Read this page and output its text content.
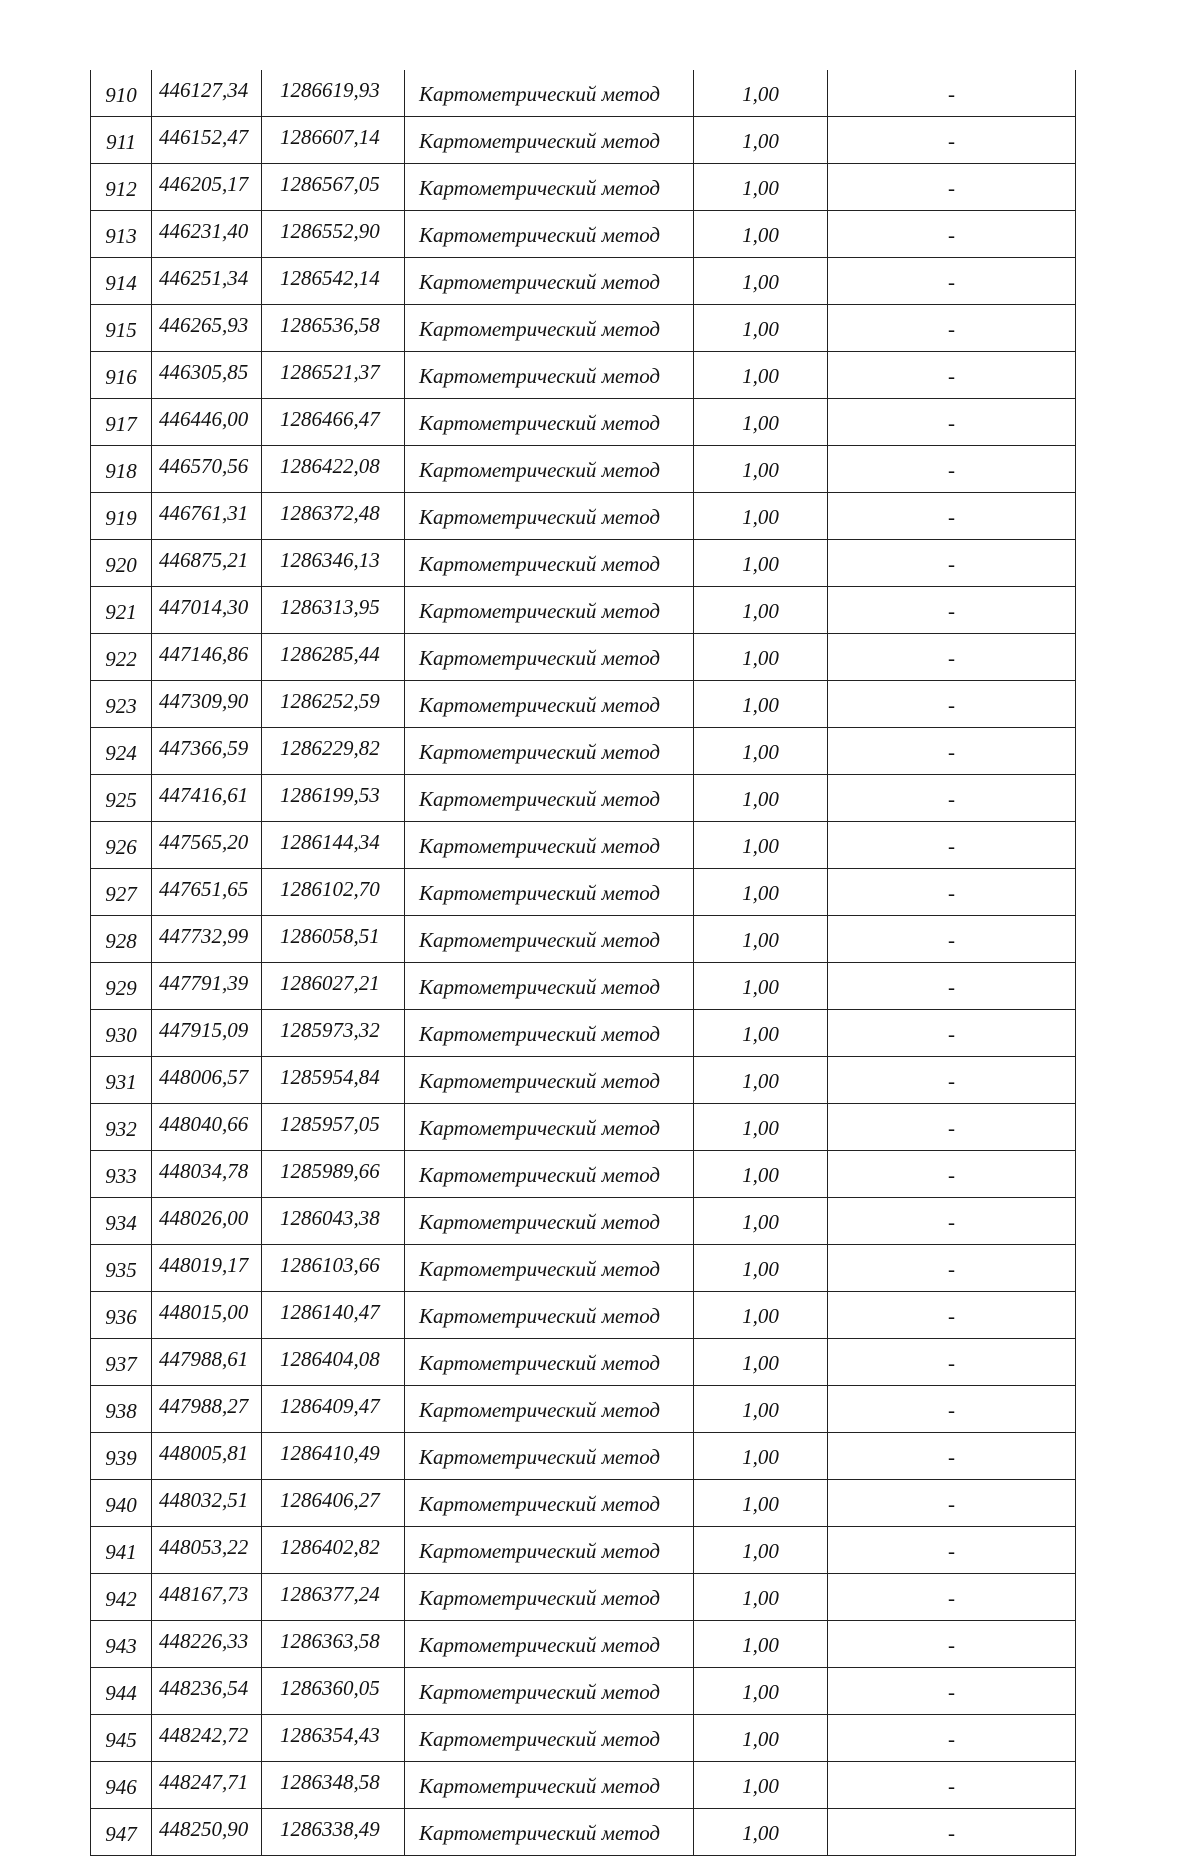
910	446127,34	1286619,93	Картометрический метод	1,00	-
911	446152,47	1286607,14	Картометрический метод	1,00	-
912	446205,17	1286567,05	Картометрический метод	1,00	-
913	446231,40	1286552,90	Картометрический метод	1,00	-
914	446251,34	1286542,14	Картометрический метод	1,00	-
915	446265,93	1286536,58	Картометрический метод	1,00	-
916	446305,85	1286521,37	Картометрический метод	1,00	-
917	446446,00	1286466,47	Картометрический метод	1,00	-
918	446570,56	1286422,08	Картометрический метод	1,00	-
919	446761,31	1286372,48	Картометрический метод	1,00	-
920	446875,21	1286346,13	Картометрический метод	1,00	-
921	447014,30	1286313,95	Картометрический метод	1,00	-
922	447146,86	1286285,44	Картометрический метод	1,00	-
923	447309,90	1286252,59	Картометрический метод	1,00	-
924	447366,59	1286229,82	Картометрический метод	1,00	-
925	447416,61	1286199,53	Картометрический метод	1,00	-
926	447565,20	1286144,34	Картометрический метод	1,00	-
927	447651,65	1286102,70	Картометрический метод	1,00	-
928	447732,99	1286058,51	Картометрический метод	1,00	-
929	447791,39	1286027,21	Картометрический метод	1,00	-
930	447915,09	1285973,32	Картометрический метод	1,00	-
931	448006,57	1285954,84	Картометрический метод	1,00	-
932	448040,66	1285957,05	Картометрический метод	1,00	-
933	448034,78	1285989,66	Картометрический метод	1,00	-
934	448026,00	1286043,38	Картометрический метод	1,00	-
935	448019,17	1286103,66	Картометрический метод	1,00	-
936	448015,00	1286140,47	Картометрический метод	1,00	-
937	447988,61	1286404,08	Картометрический метод	1,00	-
938	447988,27	1286409,47	Картометрический метод	1,00	-
939	448005,81	1286410,49	Картометрический метод	1,00	-
940	448032,51	1286406,27	Картометрический метод	1,00	-
941	448053,22	1286402,82	Картометрический метод	1,00	-
942	448167,73	1286377,24	Картометрический метод	1,00	-
943	448226,33	1286363,58	Картометрический метод	1,00	-
944	448236,54	1286360,05	Картометрический метод	1,00	-
945	448242,72	1286354,43	Картометрический метод	1,00	-
946	448247,71	1286348,58	Картометрический метод	1,00	-
947	448250,90	1286338,49	Картометрический метод	1,00	-
